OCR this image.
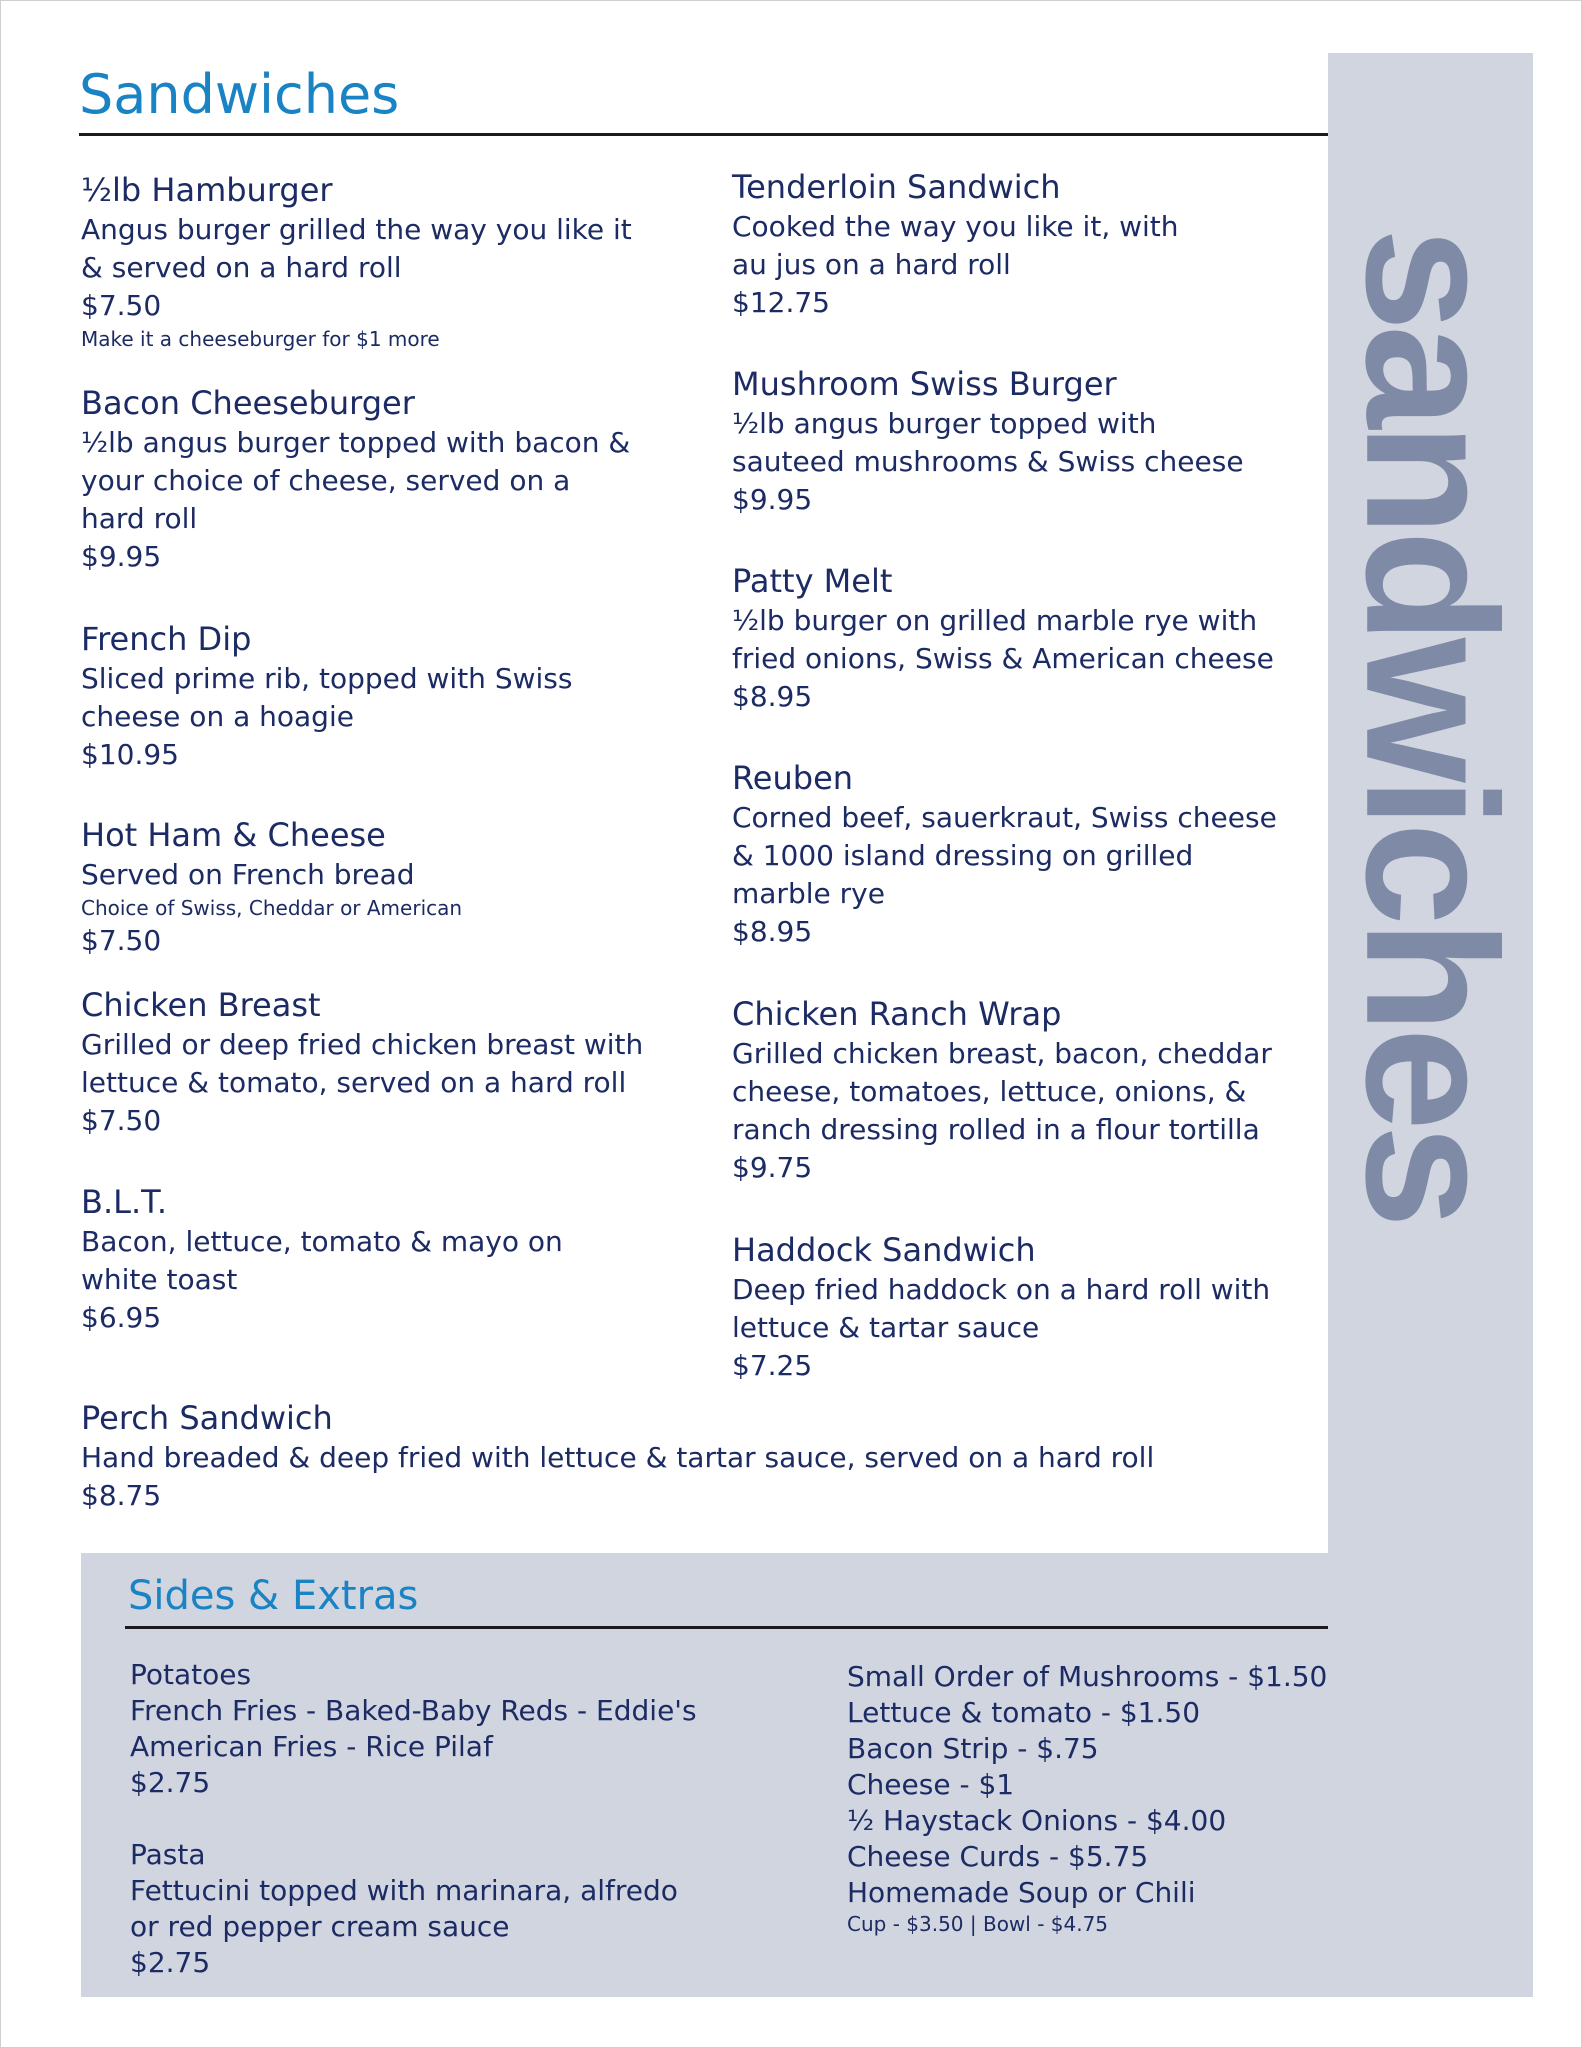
sandwiches
Sandwiches
½lb Hamburger
Angus burger grilled the way you like it
& served on a hard roll
$7.50
Make it a cheeseburger for $1 more
Bacon Cheeseburger
½lb angus burger topped with bacon &
your choice of cheese, served on a
hard roll
$9.95
French Dip
Sliced prime rib, topped with Swiss
cheese on a hoagie
$10.95
Hot Ham & Cheese
Served on French bread
Choice of Swiss, Cheddar or American
$7.50
Chicken Breast
Grilled or deep fried chicken breast with
lettuce & tomato, served on a hard roll
$7.50
B.L.T.
Bacon, lettuce, tomato & mayo on
white toast
$6.95
Tenderloin Sandwich
Cooked the way you like it, with
au jus on a hard roll
$12.75
Mushroom Swiss Burger
½lb angus burger topped with
sauteed mushrooms & Swiss cheese
$9.95
Patty Melt
½lb burger on grilled marble rye with
fried onions, Swiss & American cheese
$8.95
Reuben
Corned beef, sauerkraut, Swiss cheese
& 1000 island dressing on grilled
marble rye
$8.95
Chicken Ranch Wrap
Grilled chicken breast, bacon, cheddar
cheese, tomatoes, lettuce, onions, &
ranch dressing rolled in a flour tortilla
$9.75
Haddock Sandwich
Deep fried haddock on a hard roll with
lettuce & tartar sauce
$7.25
Perch Sandwich
Hand breaded & deep fried with lettuce & tartar sauce, served on a hard roll
$8.75
Sides & Extras
Potatoes
French Fries - Baked-Baby Reds - Eddie's
American Fries - Rice Pilaf
$2.75
Pasta
Fettucini topped with marinara, alfredo
or red pepper cream sauce
$2.75
Small Order of Mushrooms - $1.50
Lettuce & tomato - $1.50
Bacon Strip - $.75
Cheese - $1
½ Haystack Onions - $4.00
Cheese Curds - $5.75
Homemade Soup or Chili
Cup - $3.50 | Bowl - $4.75
